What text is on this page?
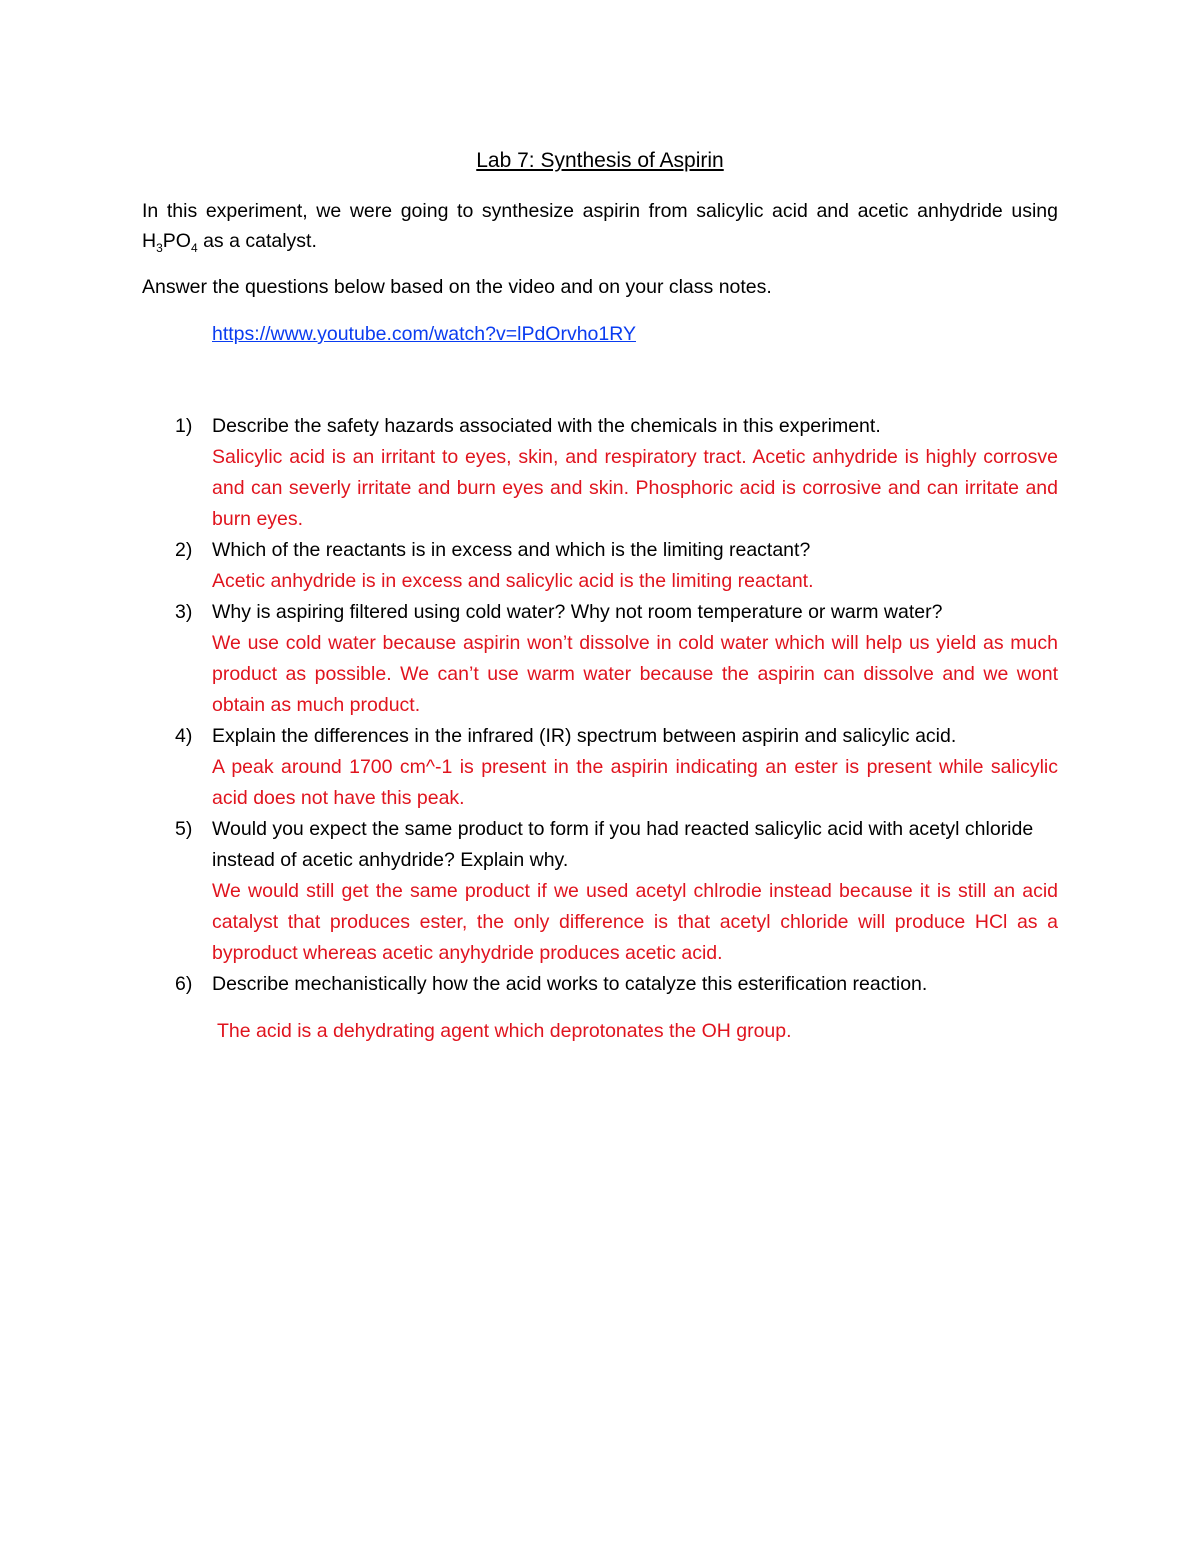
Lab 7: Synthesis of Aspirin

In this experiment, we were going to synthesize aspirin from salicylic acid and acetic anhydride using $H_3PO_4$ as a catalyst.

Answer the questions below based on the video and on your class notes.

https://www.youtube.com/watch?v=lPdOrvho1RY
1) Describe the safety hazards associated with the chemicals in this experiment.
Salicylic acid is an irritant to eyes, skin, and respiratory tract. Acetic anhydride is highly corrosve and can severly irritate and burn eyes and skin. Phosphoric acid is corrosive and can irritate and burn eyes.
2) Which of the reactants is in excess and which is the limiting reactant?
Acetic anhydride is in excess and salicylic acid is the limiting reactant.
3) Why is aspiring filtered using cold water? Why not room temperature or warm water?
We use cold water because aspirin won’t dissolve in cold water which will help us yield as much product as possible. We can’t use warm water because the aspirin can dissolve and we wont obtain as much product.
4) Explain the differences in the infrared (IR) spectrum between aspirin and salicylic acid.
A peak around 1700 cm^-1 is present in the aspirin indicating an ester is present while salicylic acid does not have this peak.
5) Would you expect the same product to form if you had reacted salicylic acid with acetyl chloride instead of acetic anhydride? Explain why.
We would still get the same product if we used acetyl chlrodie instead because it is still an acid catalyst that produces ester, the only difference is that acetyl chloride will produce HCl as a byproduct whereas acetic anyhydride produces acetic acid.
6) Describe mechanistically how the acid works to catalyze this esterification reaction.
The acid is a dehydrating agent which deprotonates the OH group.
